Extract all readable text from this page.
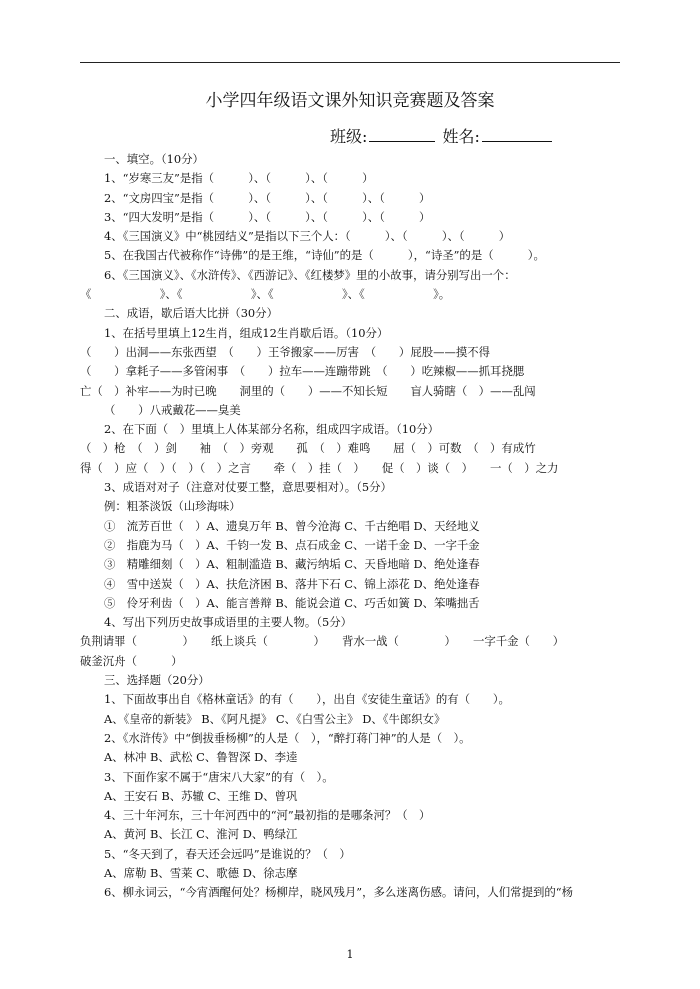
小学四年级语文课外知识竞赛题及答案
班级:	姓名:
一、填空。（10分）
1、“岁寒三友”是指（　　　）、（　　　）、（　　　）
2、“文房四宝”是指（　　　）、（　　　）、（　　　）、（　　　）
3、“四大发明”是指（　　　）、（　　　）、（　　　）、（　　　）
4、《三国演义》中“桃园结义”是指以下三个人：（　　　）、（　　　）、（　　　）
5、在我国古代被称作“诗佛”的是王维，“诗仙”的是（　　　），“诗圣”的是（　　　）。
6、《三国演义》、《水浒传》、《西游记》、《红楼梦》里的小故事，请分别写出一个：
《　　　　　　》、《　　　　　　》、《　　　　　　》、《　　　　　　》。
二、成语，歇后语大比拼（30分）
1、在括号里填上12生肖，组成12生肖歇后语。（10分）
（　　）出洞——东张西望　（　　）王爷搬家——厉害　（　　）屁股——摸不得
（　　）拿耗子——多管闲事　（　　）拉车——连蹦带跳　（　　）吃辣椒——抓耳挠腮
亡（　）补牢——为时已晚　　洞里的（　　）——不知长短　　盲人骑瞎（　）——乱闯
（　　）八戒戴花——臭美
2、在下面（　）里填上人体某部分名称，组成四字成语。（10分）
（　）枪　（　）剑　　袖　（　）旁观　　孤　（　）难鸣　　屈（　）可数　（　）有成竹
得（　）应（　）（　）（　）之言　　牵（　）挂（　）　　促（　）谈（　）　　一（　）之力
3、成语对对子（注意对仗要工整，意思要相对）。（5分）
例：粗茶淡饭（山珍海味）
①　流芳百世（　）A、遗臭万年 B、曾今沧海 C、千古绝唱 D、天经地义
②　指鹿为马（　）A、千钧一发 B、点石成金 C、一诺千金 D、一字千金
③　精雕细刻（　）A、粗制滥造 B、藏污纳垢 C、天昏地暗 D、绝处逢春
④　雪中送炭（　）A、扶危济困 B、落井下石 C、锦上添花 D、绝处逢春
⑤　伶牙利齿（　）A、能言善辩 B、能说会道 C、巧舌如簧 D、笨嘴拙舌
4、写出下列历史故事成语里的主要人物。（5分）
负荆请罪（　　　　）　　纸上谈兵（　　　　）　　背水一战（　　　　）　　一字千金（　　）
破釜沉舟（　　　）
三、选择题（20分）
1、下面故事出自《格林童话》的有（　　），出自《安徒生童话》的有（　　）。
A、《皇帝的新装》 B、《阿凡提》 C、《白雪公主》 D、《牛郎织女》
2、《水浒传》中“倒拔垂杨柳”的人是（　），“醉打蒋门神”的人是（　）。
A、林冲 B、武松 C、鲁智深 D、李逵
3、下面作家不属于“唐宋八大家”的有（　）。
A、王安石 B、苏辙 C、王维 D、曾巩
4、三十年河东，三十年河西中的“河”最初指的是哪条河？（　）
A、黄河 B、长江 C、淮河 D、鸭绿江
5、“冬天到了，春天还会远吗”是谁说的？（　）
A、席勒 B、雪莱 C、歌德 D、徐志摩
6、柳永词云，“今宵酒醒何处？杨柳岸，晓风残月”，多么迷离伤感。请问，人们常提到的“杨
1
